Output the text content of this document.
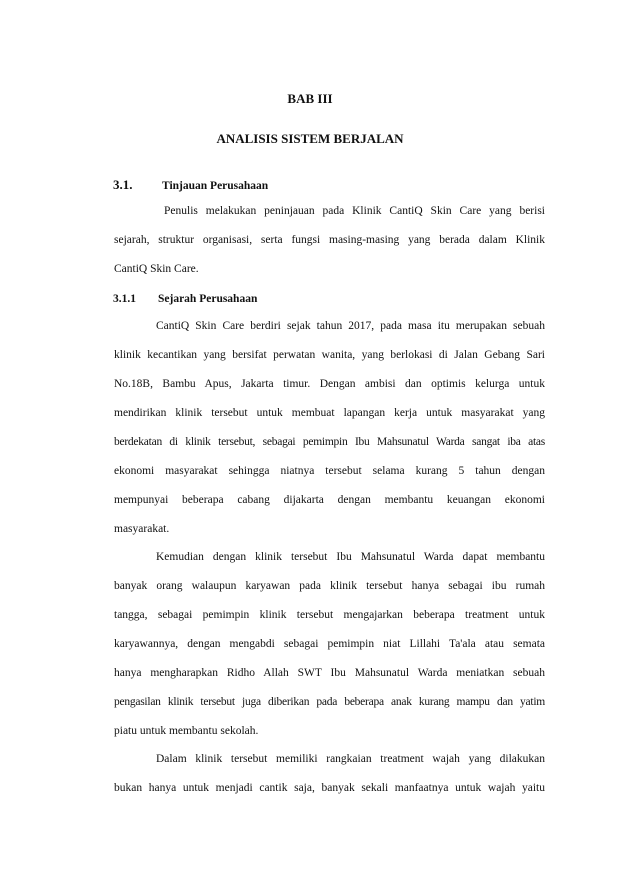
BAB III
ANALISIS SISTEM BERJALAN
3.1.	Tinjauan Perusahaan
Penulis melakukan peninjauan pada Klinik CantiQ Skin Care yang berisi
sejarah, struktur organisasi, serta fungsi masing-masing yang berada dalam Klinik
CantiQ Skin Care.
3.1.1 Sejarah Perusahaan
CantiQ Skin Care berdiri sejak tahun 2017, pada masa itu merupakan sebuah
klinik kecantikan yang bersifat perwatan wanita, yang berlokasi di Jalan Gebang Sari
No.18B, Bambu Apus, Jakarta timur. Dengan ambisi dan optimis kelurga untuk
mendirikan klinik tersebut untuk membuat lapangan kerja untuk masyarakat yang
berdekatan di klinik tersebut, sebagai pemimpin Ibu Mahsunatul Warda sangat iba atas
ekonomi masyarakat sehingga niatnya tersebut selama kurang 5 tahun dengan
mempunyai beberapa cabang dijakarta dengan membantu keuangan ekonomi
masyarakat.
Kemudian dengan klinik tersebut Ibu Mahsunatul Warda dapat membantu
banyak orang walaupun karyawan pada klinik tersebut hanya sebagai ibu rumah
tangga, sebagai pemimpin klinik tersebut mengajarkan beberapa treatment untuk
karyawannya, dengan mengabdi sebagai pemimpin niat Lillahi Ta'ala atau semata
hanya mengharapkan Ridho Allah SWT Ibu Mahsunatul Warda meniatkan sebuah
pengasilan klinik tersebut juga diberikan pada beberapa anak kurang mampu dan yatim
piatu untuk membantu sekolah.
Dalam klinik tersebut memiliki rangkaian treatment wajah yang dilakukan
bukan hanya untuk menjadi cantik saja, banyak sekali manfaatnya untuk wajah yaitu
